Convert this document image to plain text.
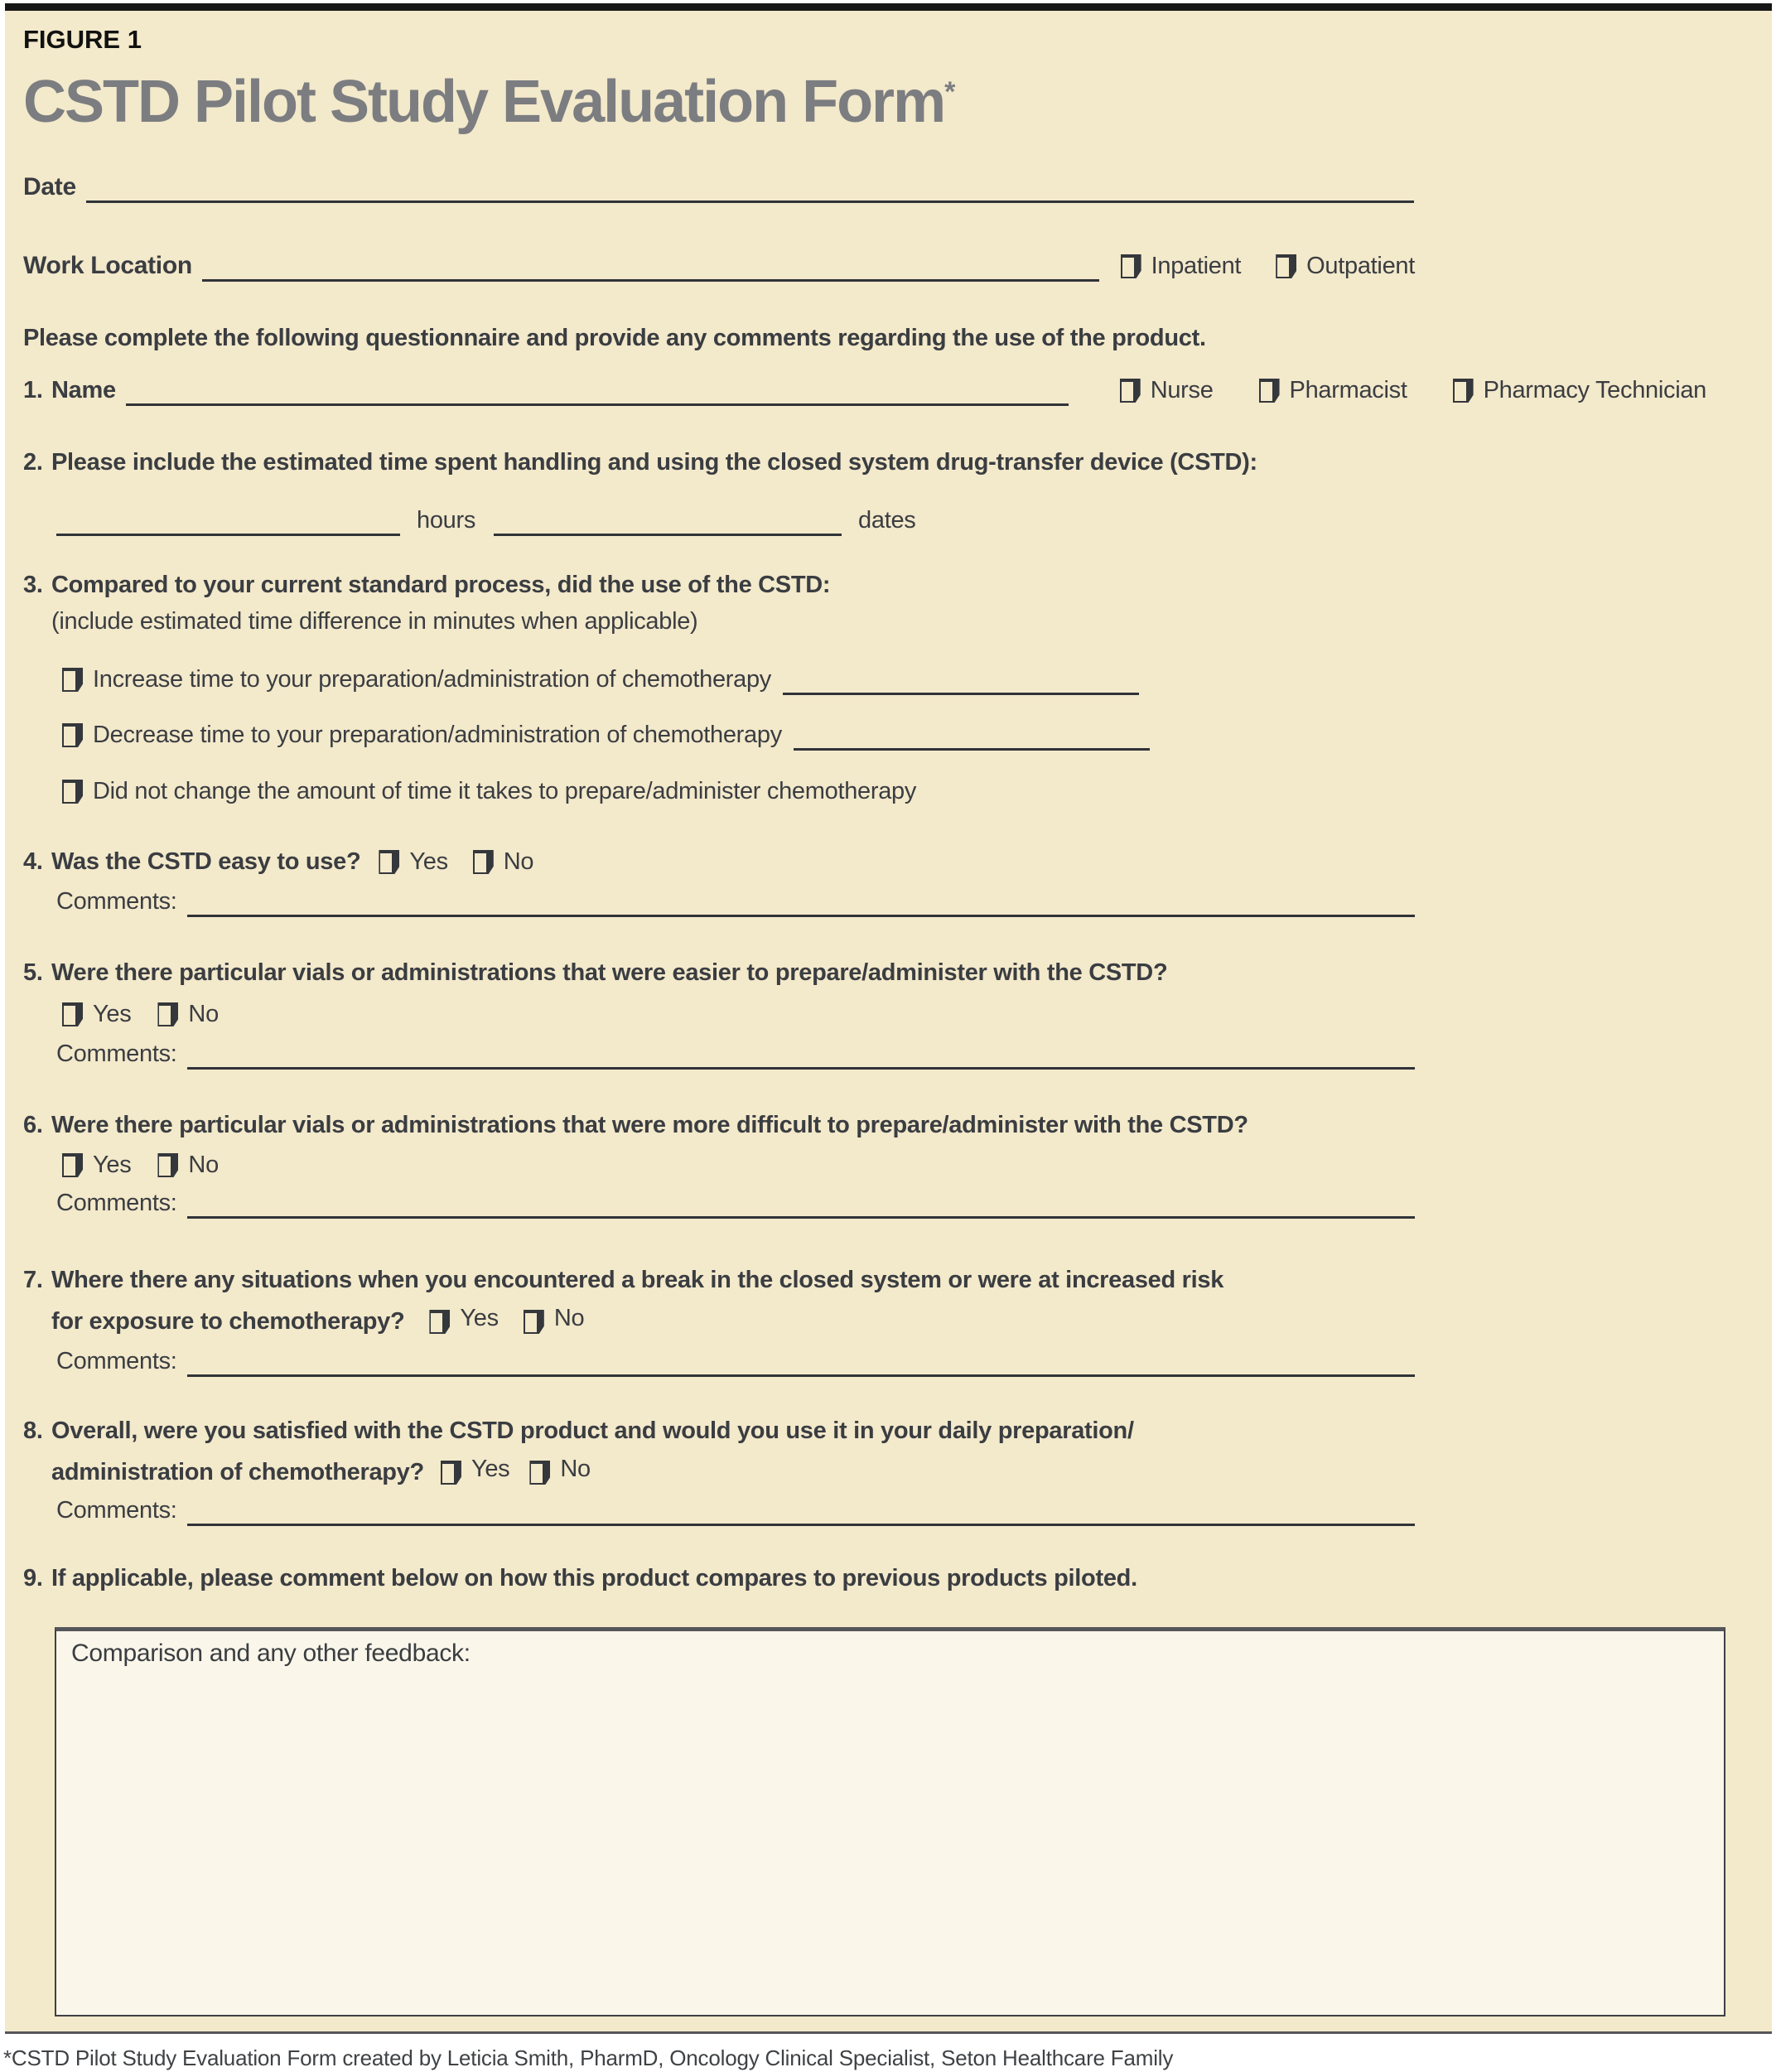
FIGURE 1
CSTD Pilot Study Evaluation Form*
Date
Work Location	Inpatient	Outpatient
Please complete the following questionnaire and provide any comments regarding the use of the product.
1. Name	Nurse	Pharmacist	Pharmacy Technician
2. Please include the estimated time spent handling and using the closed system drug-transfer device (CSTD):
hours	dates
3. Compared to your current standard process, did the use of the CSTD:
(include estimated time difference in minutes when applicable)
Increase time to your preparation/administration of chemotherapy
Decrease time to your preparation/administration of chemotherapy
Did not change the amount of time it takes to prepare/administer chemotherapy
4. Was the CSTD easy to use? Yes No
Comments:
5. Were there particular vials or administrations that were easier to prepare/administer with the CSTD?
Yes No
Comments:
6. Were there particular vials or administrations that were more difficult to prepare/administer with the CSTD?
Yes No
Comments:
7. Where there any situations when you encountered a break in the closed system or were at increased risk
for exposure to chemotherapy? Yes No
Comments:
8. Overall, were you satisfied with the CSTD product and would you use it in your daily preparation/
administration of chemotherapy? Yes No
Comments:
9. If applicable, please comment below on how this product compares to previous products piloted.
Comparison and any other feedback:
*CSTD Pilot Study Evaluation Form created by Leticia Smith, PharmD, Oncology Clinical Specialist, Seton Healthcare Family
